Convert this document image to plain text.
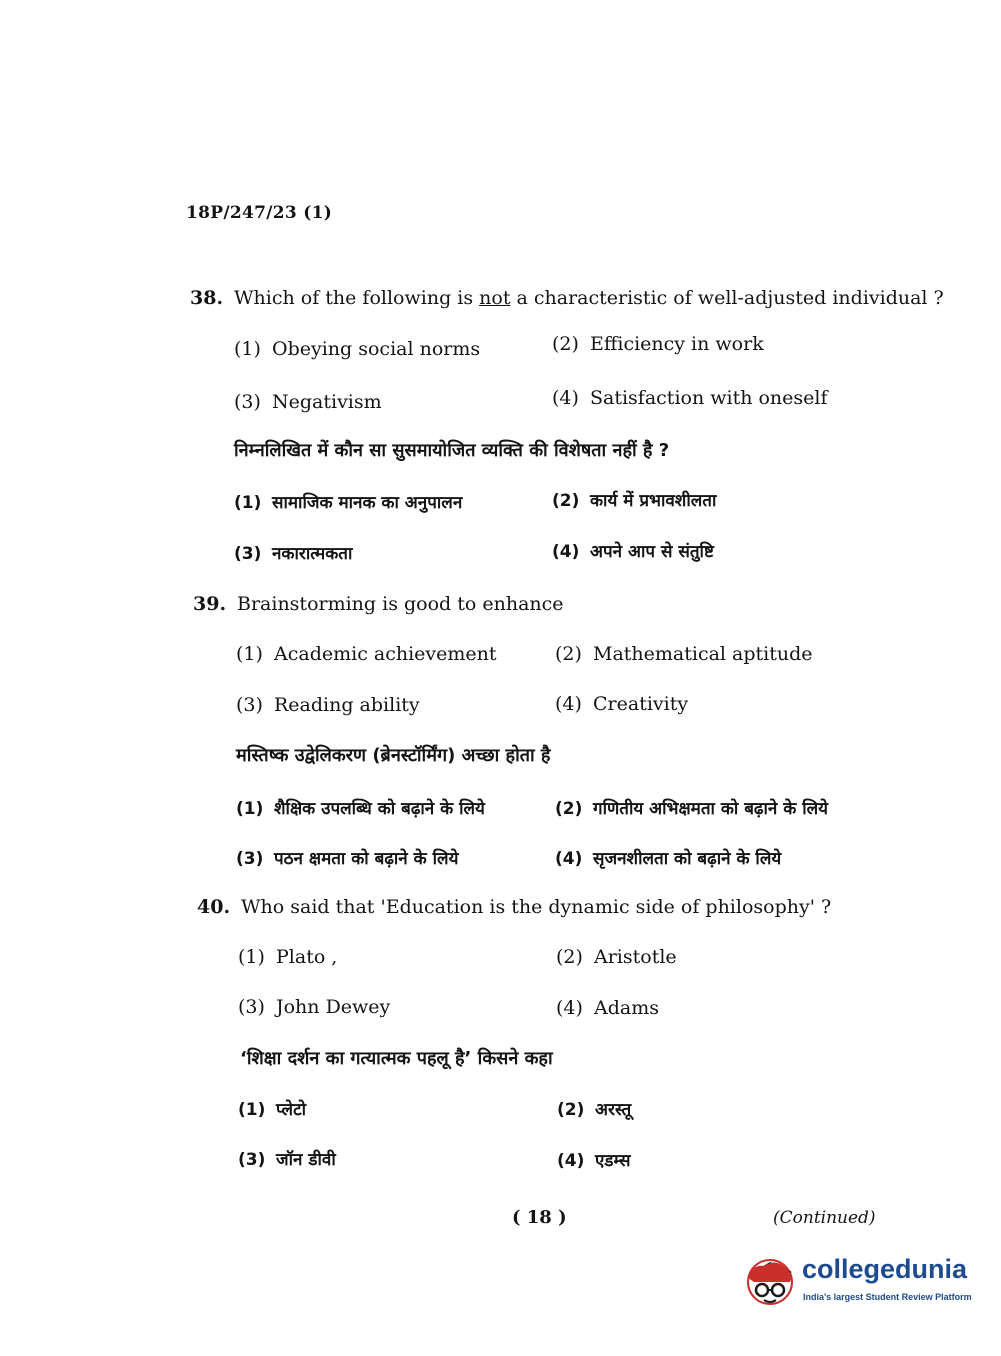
18P/247/23 (1)
38. Which of the following is not a characteristic of well-adjusted individual ?
(1) Obeying social norms	(2) Efficiency in work
(3) Negativism	(4) Satisfaction with oneself
निम्नलिखित में कौन सा सुसमायोजित व्यक्ति की विशेषता नहीं है ?
(1) सामाजिक मानक का अनुपालन	(2) कार्य में प्रभावशीलता
(3) नकारात्मकता	(4) अपने आप से संतुष्टि
39. Brainstorming is good to enhance
(1) Academic achievement	(2) Mathematical aptitude
(3) Reading ability	(4) Creativity
मस्तिष्क उद्वेलिकरण (ब्रेनस्टॉर्मिंग) अच्छा होता है
(1) शैक्षिक उपलब्धि को बढ़ाने के लिये	(2) गणितीय अभिक्षमता को बढ़ाने के लिये
(3) पठन क्षमता को बढ़ाने के लिये	(4) सृजनशीलता को बढ़ाने के लिये
40. Who said that 'Education is the dynamic side of philosophy' ?
(1) Plato ,	(2) Aristotle
(3) John Dewey	(4) Adams
‘शिक्षा दर्शन का गत्यात्मक पहलू है’ किसने कहा
(1) प्लेटो	(2) अरस्तू
(3) जॉन डीवी	(4) एडम्स
( 18 )	(Continued)
collegedunia
India's largest Student Review Platform
